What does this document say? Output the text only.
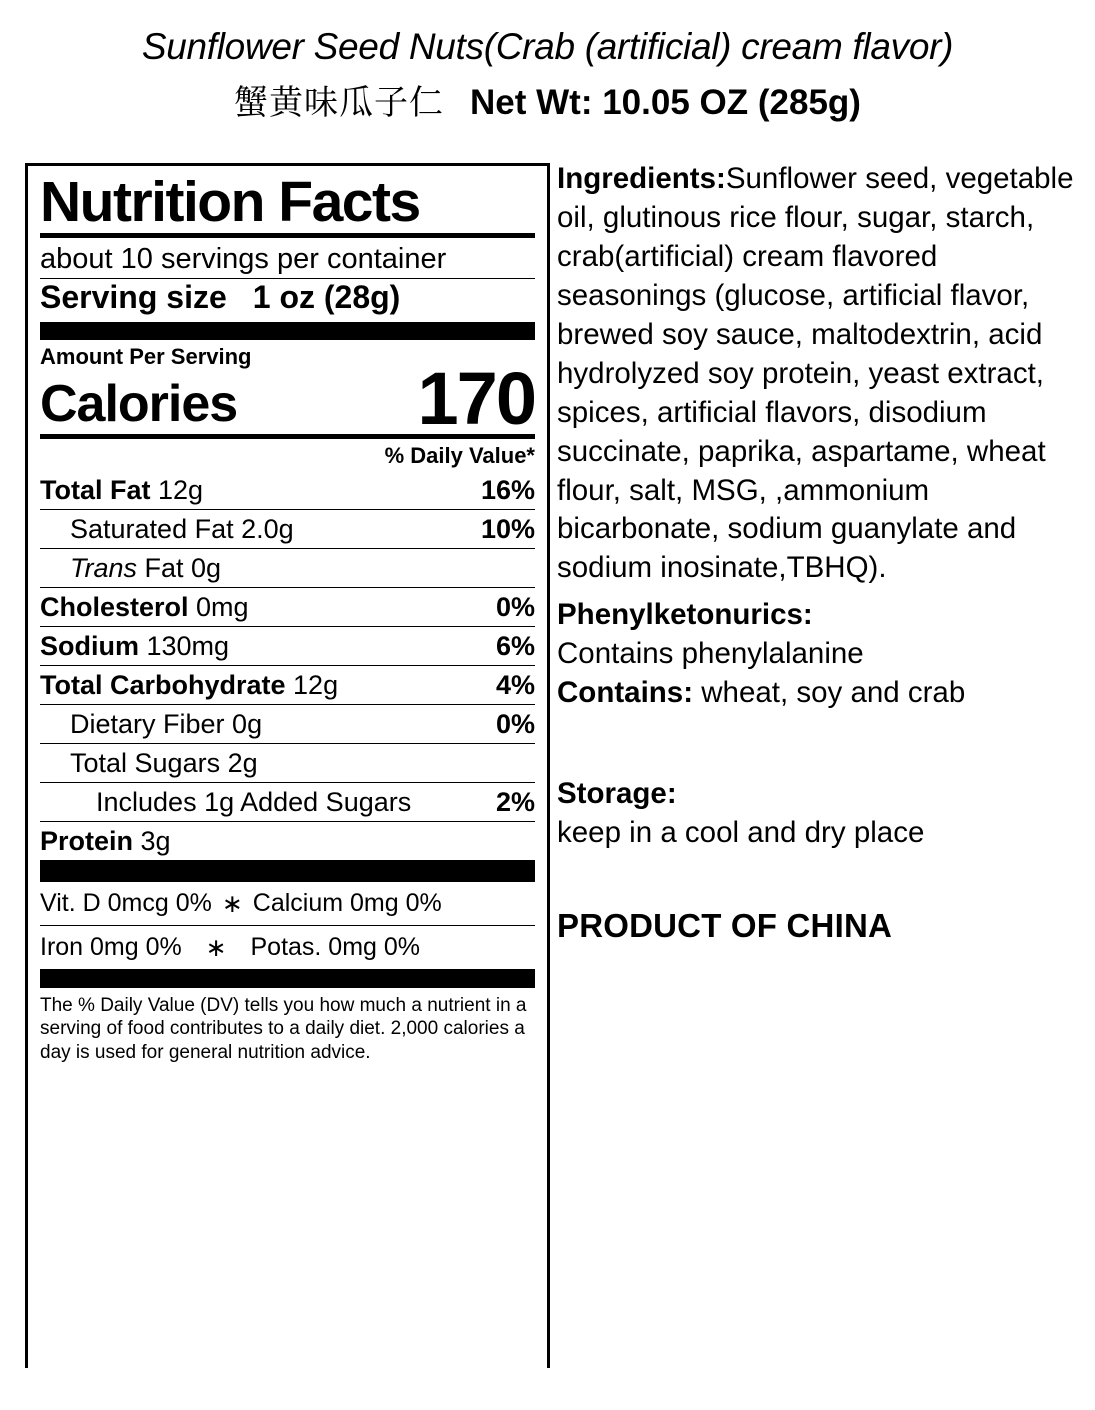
Sunflower Seed Nuts(Crab (artificial) cream flavor)
蟹黄味瓜子仁 Net Wt: 10.05 OZ (285g)
Nutrition Facts
about 10 servings per container
Serving size 1 oz (28g)
Amount Per Serving
Calories 170
% Daily Value*
Total Fat 12g	16%
Saturated Fat 2.0g	10%
Trans Fat 0g
Cholesterol 0mg	0%
Sodium 130mg	6%
Total Carbohydrate 12g	4%
Dietary Fiber 0g	0%
Total Sugars 2g
Includes 1g Added Sugars	2%
Protein 3g
Vit. D 0mcg 0% ∗ Calcium 0mg 0%
Iron 0mg 0% ∗ Potas. 0mg 0%
The % Daily Value (DV) tells you how much a nutrient in a serving of food contributes to a daily diet. 2,000 calories a day is used for general nutrition advice.
Ingredients:Sunflower seed, vegetable oil, glutinous rice flour, sugar, starch, crab(artificial) cream flavored seasonings (glucose, artificial flavor, brewed soy sauce, maltodextrin, acid hydrolyzed soy protein, yeast extract, spices, artificial flavors, disodium succinate, paprika, aspartame, wheat flour, salt, MSG, ,ammonium bicarbonate, sodium guanylate and sodium inosinate,TBHQ).
Phenylketonurics:
Contains phenylalanine
Contains: wheat, soy and crab
Storage:
keep in a cool and dry place
PRODUCT OF CHINA
